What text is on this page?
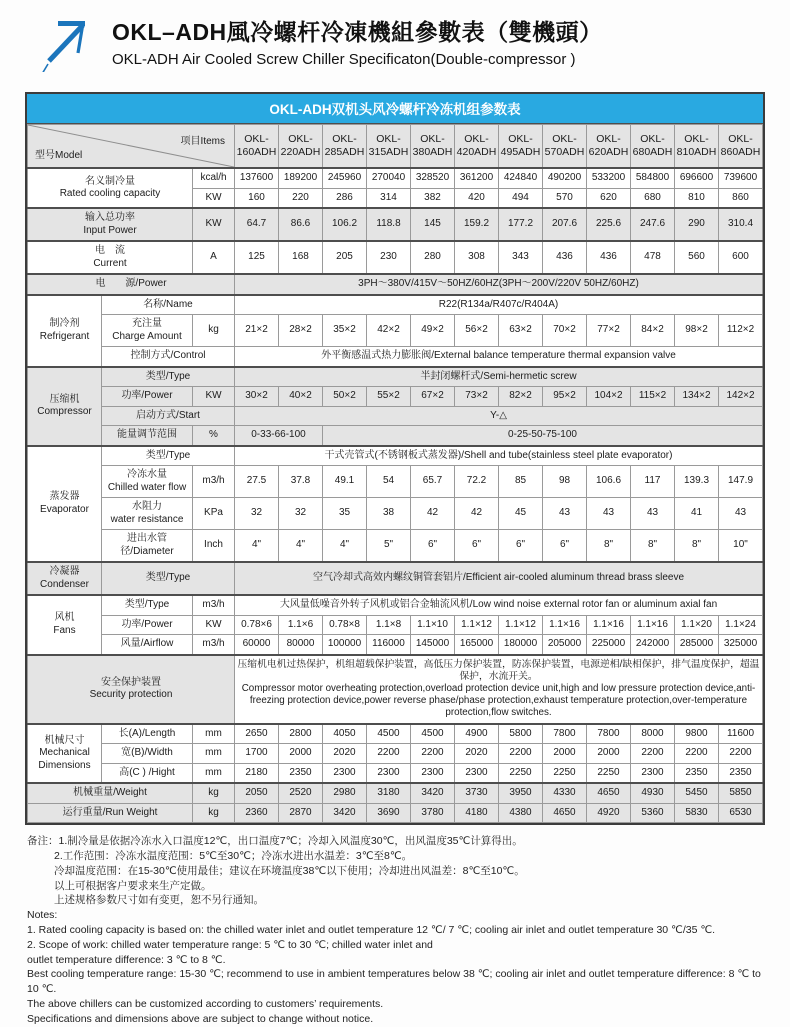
OKL–ADH風冷螺杆冷凍機組參數表（雙機頭）
OKL-ADH Air Cooled Screw Chiller Specificaton(Double-compressor )
OKL-ADH双机头风冷螺杆冷冻机组参数表
型号Model
项目Items			OKL-
160ADH	OKL-
220ADH	OKL-
285ADH	OKL-
315ADH	OKL-
380ADH	OKL-
420ADH	OKL-
495ADH	OKL-
570ADH	OKL-
620ADH	OKL-
680ADH	OKL-
810ADH	OKL-
860ADH
名义制冷量
Rated cooling capacity		kcal/h	137600	189200	245960	270040	328520	361200	424840	490200	533200	584800	696600	739600
		KW	160	220	286	314	382	420	494	570	620	680	810	860
输入总功率
Input Power		KW	64.7	86.6	106.2	118.8	145	159.2	177.2	207.6	225.6	247.6	290	310.4
电　流
Current		A	125	168	205	230	280	308	343	436	436	478	560	600
电　　源/Power			3PH～380V/415V～50HZ/60HZ(3PH～200V/220V 50HZ/60HZ)											
制冷剂
Refrigerant	名称/Name		R22(R134a/R407c/R404A)											
	充注量
Charge Amount	kg	21×2	28×2	35×2	42×2	49×2	56×2	63×2	70×2	77×2	84×2	98×2	112×2
	控制方式/Control		外平衡感温式热力膨胀阀/External balance temperature thermal expansion valve											
压缩机
Compressor	类型/Type		半封闭螺杆式/Semi-hermetic screw											
	功率/Power	KW	30×2	40×2	50×2	55×2	67×2	73×2	82×2	95×2	104×2	115×2	134×2	142×2
	启动方式/Start		Y-△											
	能量调节范围	%	0-33-66-100		0-25-50-75-100									
蒸发器
Evaporator	类型/Type		干式壳管式(不锈钢板式蒸发器)/Shell and tube(stainless steel plate evaporator)											
	冷冻水量
Chilled water flow	m3/h	27.5	37.8	49.1	54	65.7	72.2	85	98	106.6	117	139.3	147.9
	水阻力
water resistance	KPa	32	32	35	38	42	42	45	43	43	43	41	43
	进出水管径/Diameter	Inch	4"	4"	4"	5"	6"	6"	6"	6"	8"	8"	8"	10"
冷凝器
Condenser	类型/Type		空气冷却式高效内螺纹铜管套铝片/Efficient air-cooled aluminum thread brass sleeve											
风机
Fans	类型/Type	m3/h	大风量低噪音外转子风机或铝合金轴流风机/Low wind noise external rotor fan or aluminum axial fan											
	功率/Power	KW	0.78×6	1.1×6	0.78×8	1.1×8	1.1×10	1.1×12	1.1×12	1.1×16	1.1×16	1.1×16	1.1×20	1.1×24
	风量/Airflow	m3/h	60000	80000	100000	116000	145000	165000	180000	205000	225000	242000	285000	325000
安全保护装置
Security protection			压缩机电机过热保护，机组超载保护装置，高低压力保护装置，防冻保护装置，电源逆相/缺相保护，排气温度保护，超温保护，水流开关。
Compressor motor overheating protection,overload protection device unit,high and low pressure protection device,anti-freezing protection device,power reverse phase/phase protection,exhaust temperature protection,over-temperature protection,flow switches.											
机械尺寸
Mechanical
Dimensions	长(A)/Length	mm	2650	2800	4050	4500	4500	4900	5800	7800	7800	8000	9800	11600
	宽(B)/Width	mm	1700	2000	2020	2200	2200	2020	2200	2000	2000	2200	2200	2200
	高(C ) /Hight	mm	2180	2350	2300	2300	2300	2300	2250	2250	2250	2300	2350	2350
机械重量/Weight		kg	2050	2520	2980	3180	3420	3730	3950	4330	4650	4930	5450	5850
运行重量/Run Weight		kg	2360	2870	3420	3690	3780	4180	4380	4650	4920	5360	5830	6530
备注：1.制冷量是依据冷冻水入口温度12℃，出口温度7℃；冷却入风温度30℃，出风温度35℃计算得出。
2.工作范围：冷冻水温度范围：5℃至30℃；冷冻水进出水温差：3℃至8℃。
冷却温度范围：在15-30℃使用最佳；建议在环境温度38℃以下使用；冷却进出风温差：8℃至10℃。
以上可根据客户要求来生产定做。
上述规格参数尺寸如有变更，恕不另行通知。
Notes:
1. Rated cooling capacity is based on: the chilled water inlet and outlet temperature 12 ℃/ 7 ℃; cooling air inlet and outlet temperature 30 ℃/35 ℃.
2. Scope of work: chilled water temperature range: 5 ℃ to 30 ℃; chilled water inlet and
outlet temperature difference: 3 ℃ to 8 ℃.
Best cooling temperature range: 15-30 ℃; recommend to use in ambient temperatures below 38 ℃; cooling air inlet and outlet temperature difference: 8 ℃ to 10 ℃.
The above chillers can be customized according to customers’ requirements.
Specifications and dimensions above are subject to change without notice.
